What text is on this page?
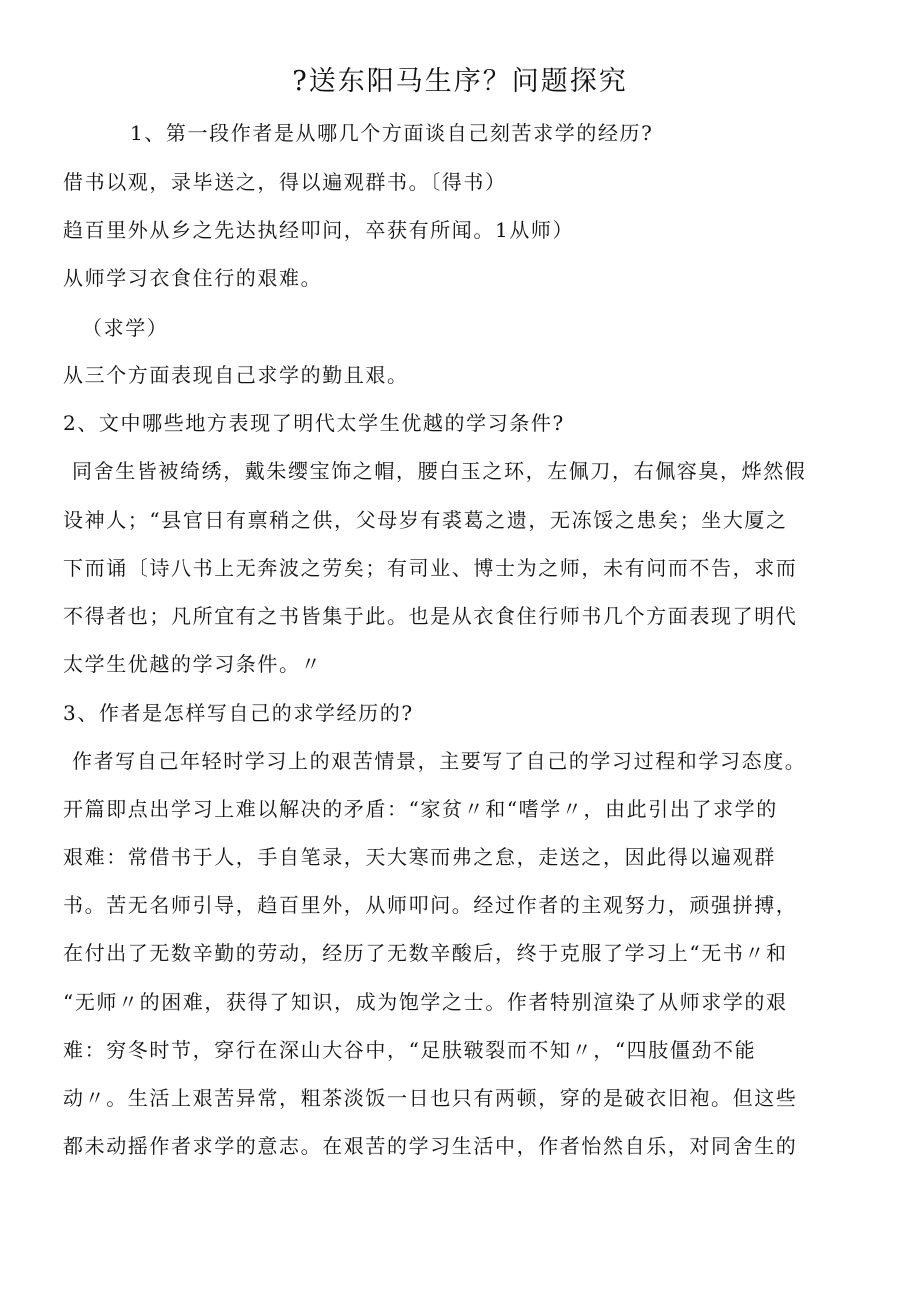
?送东阳马生序？问题探究
1、第一段作者是从哪几个方面谈自己刻苦求学的经历?
借书以观，录毕送之，得以遍观群书。〔得书）
趋百里外从乡之先达执经叩问，卒获有所闻。1从师）
从师学习衣食住行的艰难。
（求学）
从三个方面表现自己求学的勤且艰。
2、文中哪些地方表现了明代太学生优越的学习条件?
同舍生皆被绮绣，戴朱缨宝饰之帽，腰白玉之环，左佩刀，右佩容臭，烨然假
设神人；“县官日有禀稍之供，父母岁有裘葛之遗，无冻馁之患矣；坐大厦之
下而诵〔诗八书上无奔波之劳矣；有司业、博士为之师，未有问而不告，求而
不得者也；凡所宜有之书皆集于此。也是从衣食住行师书几个方面表现了明代
太学生优越的学习条件。〃
3、作者是怎样写自己的求学经历的?
作者写自己年轻时学习上的艰苦情景，主要写了自己的学习过程和学习态度。
开篇即点出学习上难以解决的矛盾：“家贫〃和“嗜学〃，由此引出了求学的
艰难：常借书于人，手自笔录，天大寒而弗之怠，走送之，因此得以遍观群
书。苦无名师引导，趋百里外，从师叩问。经过作者的主观努力，顽强拼搏，
在付出了无数辛勤的劳动，经历了无数辛酸后，终于克服了学习上“无书〃和
“无师〃的困难，获得了知识，成为饱学之士。作者特别渲染了从师求学的艰
难：穷冬时节，穿行在深山大谷中，“足肤皲裂而不知〃，“四肢僵劲不能
动〃。生活上艰苦异常，粗茶淡饭一日也只有两顿，穿的是破衣旧袍。但这些
都未动摇作者求学的意志。在艰苦的学习生活中，作者怡然自乐，对同舍生的
